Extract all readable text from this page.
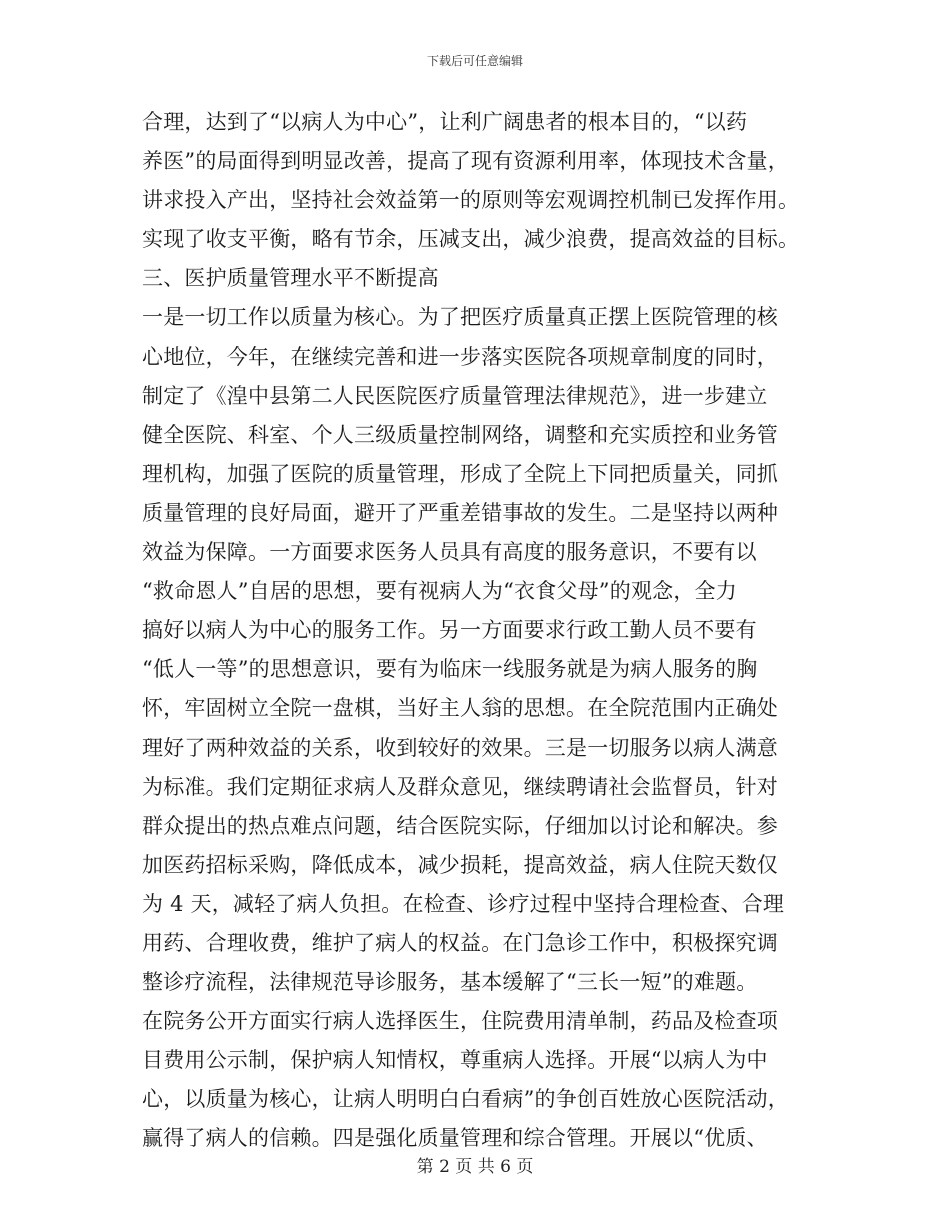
下载后可任意编辑
合理，达到了“以病人为中心”，让利广阔患者的根本目的，“以药
养医”的局面得到明显改善，提高了现有资源利用率，体现技术含量，
讲求投入产出，坚持社会效益第一的原则等宏观调控机制已发挥作用。
实现了收支平衡，略有节余，压减支出，减少浪费，提高效益的目标。
三、医护质量管理水平不断提高
一是一切工作以质量为核心。为了把医疗质量真正摆上医院管理的核
心地位，今年，在继续完善和进一步落实医院各项规章制度的同时，
制定了《湟中县第二人民医院医疗质量管理法律规范》，进一步建立
健全医院、科室、个人三级质量控制网络，调整和充实质控和业务管
理机构，加强了医院的质量管理，形成了全院上下同把质量关，同抓
质量管理的良好局面，避开了严重差错事故的发生。二是坚持以两种
效益为保障。一方面要求医务人员具有高度的服务意识，不要有以
“救命恩人”自居的思想，要有视病人为“衣食父母”的观念，全力
搞好以病人为中心的服务工作。另一方面要求行政工勤人员不要有
“低人一等”的思想意识，要有为临床一线服务就是为病人服务的胸
怀，牢固树立全院一盘棋，当好主人翁的思想。在全院范围内正确处
理好了两种效益的关系，收到较好的效果。三是一切服务以病人满意
为标准。我们定期征求病人及群众意见，继续聘请社会监督员，针对
群众提出的热点难点问题，结合医院实际，仔细加以讨论和解决。参
加医药招标采购，降低成本，减少损耗，提高效益，病人住院天数仅
为 4 天，减轻了病人负担。在检查、诊疗过程中坚持合理检查、合理
用药、合理收费，维护了病人的权益。在门急诊工作中，积极探究调
整诊疗流程，法律规范导诊服务，基本缓解了“三长一短”的难题。
在院务公开方面实行病人选择医生，住院费用清单制，药品及检查项
目费用公示制，保护病人知情权，尊重病人选择。开展“以病人为中
心，以质量为核心，让病人明明白白看病”的争创百姓放心医院活动，
赢得了病人的信赖。四是强化质量管理和综合管理。开展以“优质、
第 2 页 共 6 页
